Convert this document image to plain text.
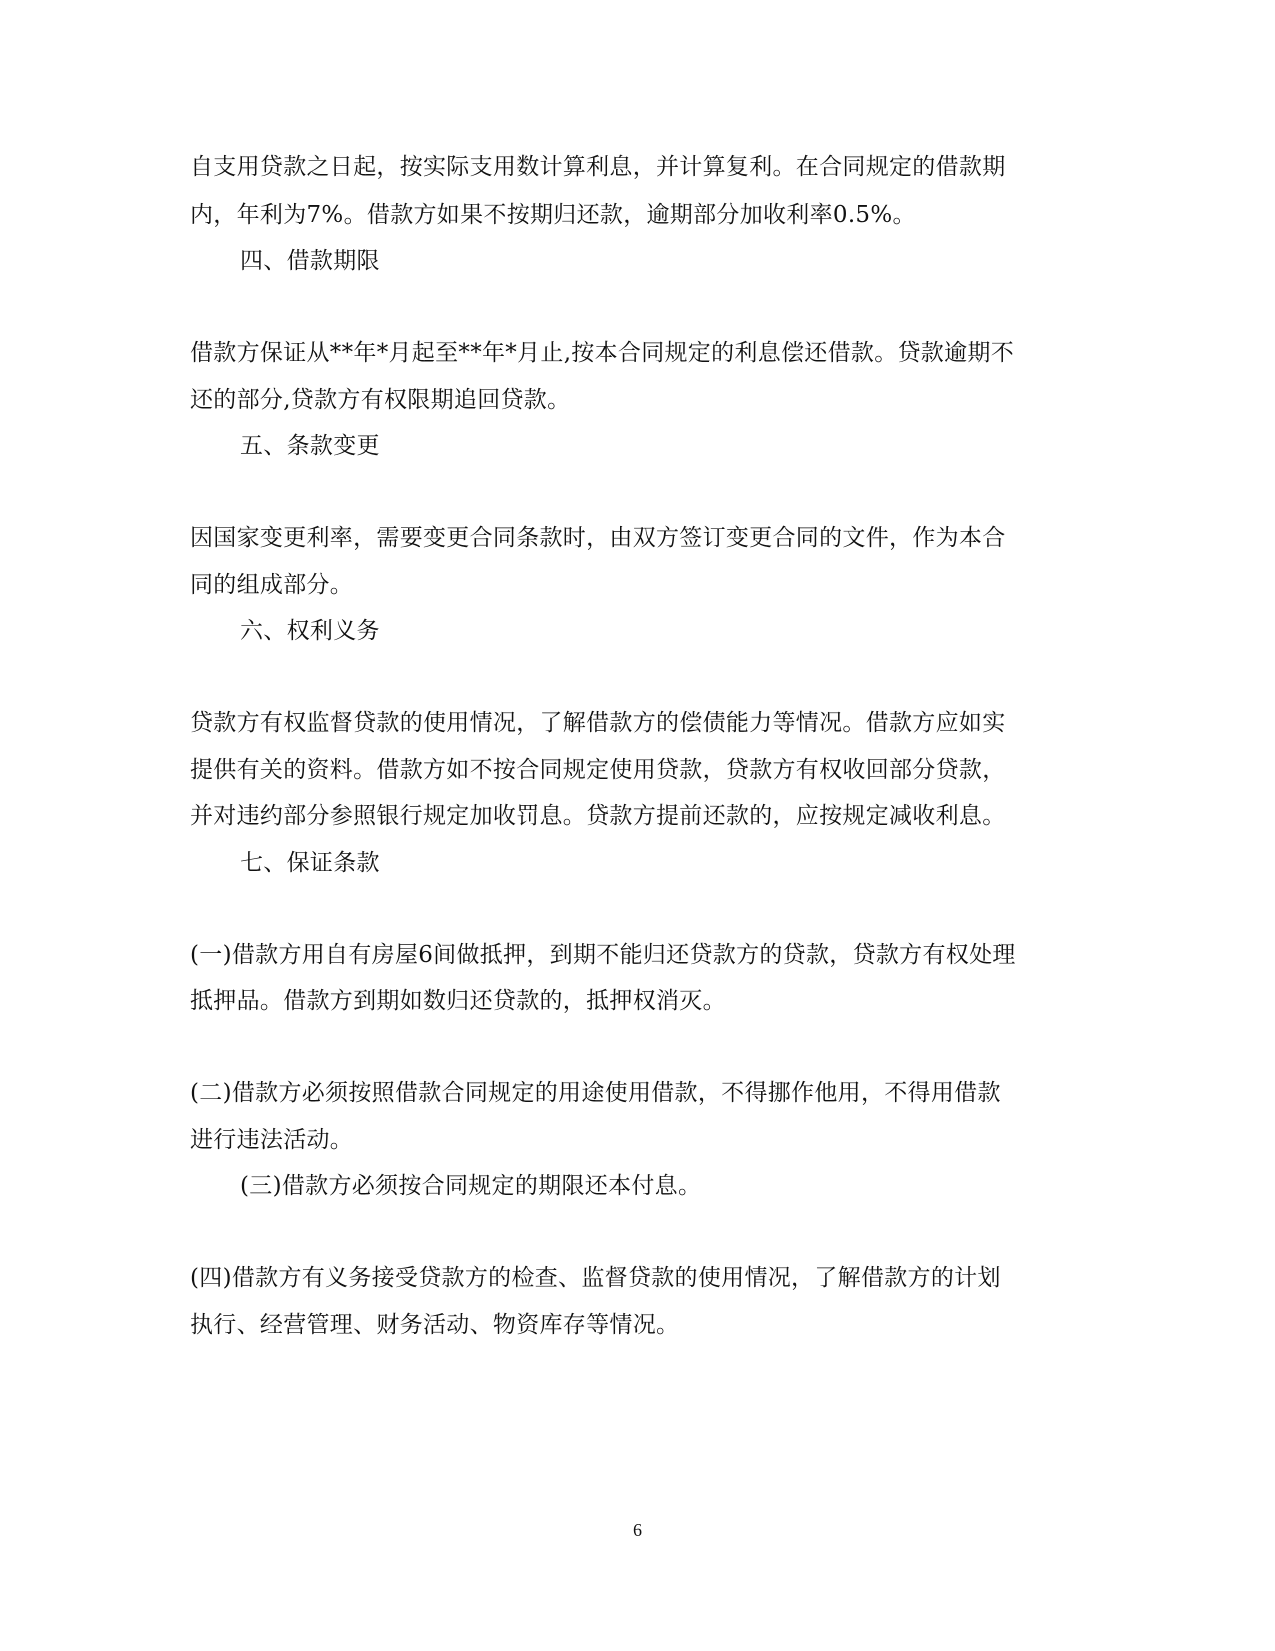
自支用贷款之日起，按实际支用数计算利息，并计算复利。在合同规定的借款期
内，年利为7%。借款方如果不按期归还款，逾期部分加收利率0.5%。
四、借款期限
借款方保证从**年*月起至**年*月止,按本合同规定的利息偿还借款。贷款逾期不
还的部分,贷款方有权限期追回贷款。
五、条款变更
因国家变更利率，需要变更合同条款时，由双方签订变更合同的文件，作为本合
同的组成部分。
六、权利义务
贷款方有权监督贷款的使用情况，了解借款方的偿债能力等情况。借款方应如实
提供有关的资料。借款方如不按合同规定使用贷款，贷款方有权收回部分贷款，
并对违约部分参照银行规定加收罚息。贷款方提前还款的，应按规定减收利息。
七、保证条款
(一)借款方用自有房屋6间做抵押，到期不能归还贷款方的贷款，贷款方有权处理
抵押品。借款方到期如数归还贷款的，抵押权消灭。
(二)借款方必须按照借款合同规定的用途使用借款，不得挪作他用，不得用借款
进行违法活动。
(三)借款方必须按合同规定的期限还本付息。
(四)借款方有义务接受贷款方的检查、监督贷款的使用情况，了解借款方的计划
执行、经营管理、财务活动、物资库存等情况。
6
